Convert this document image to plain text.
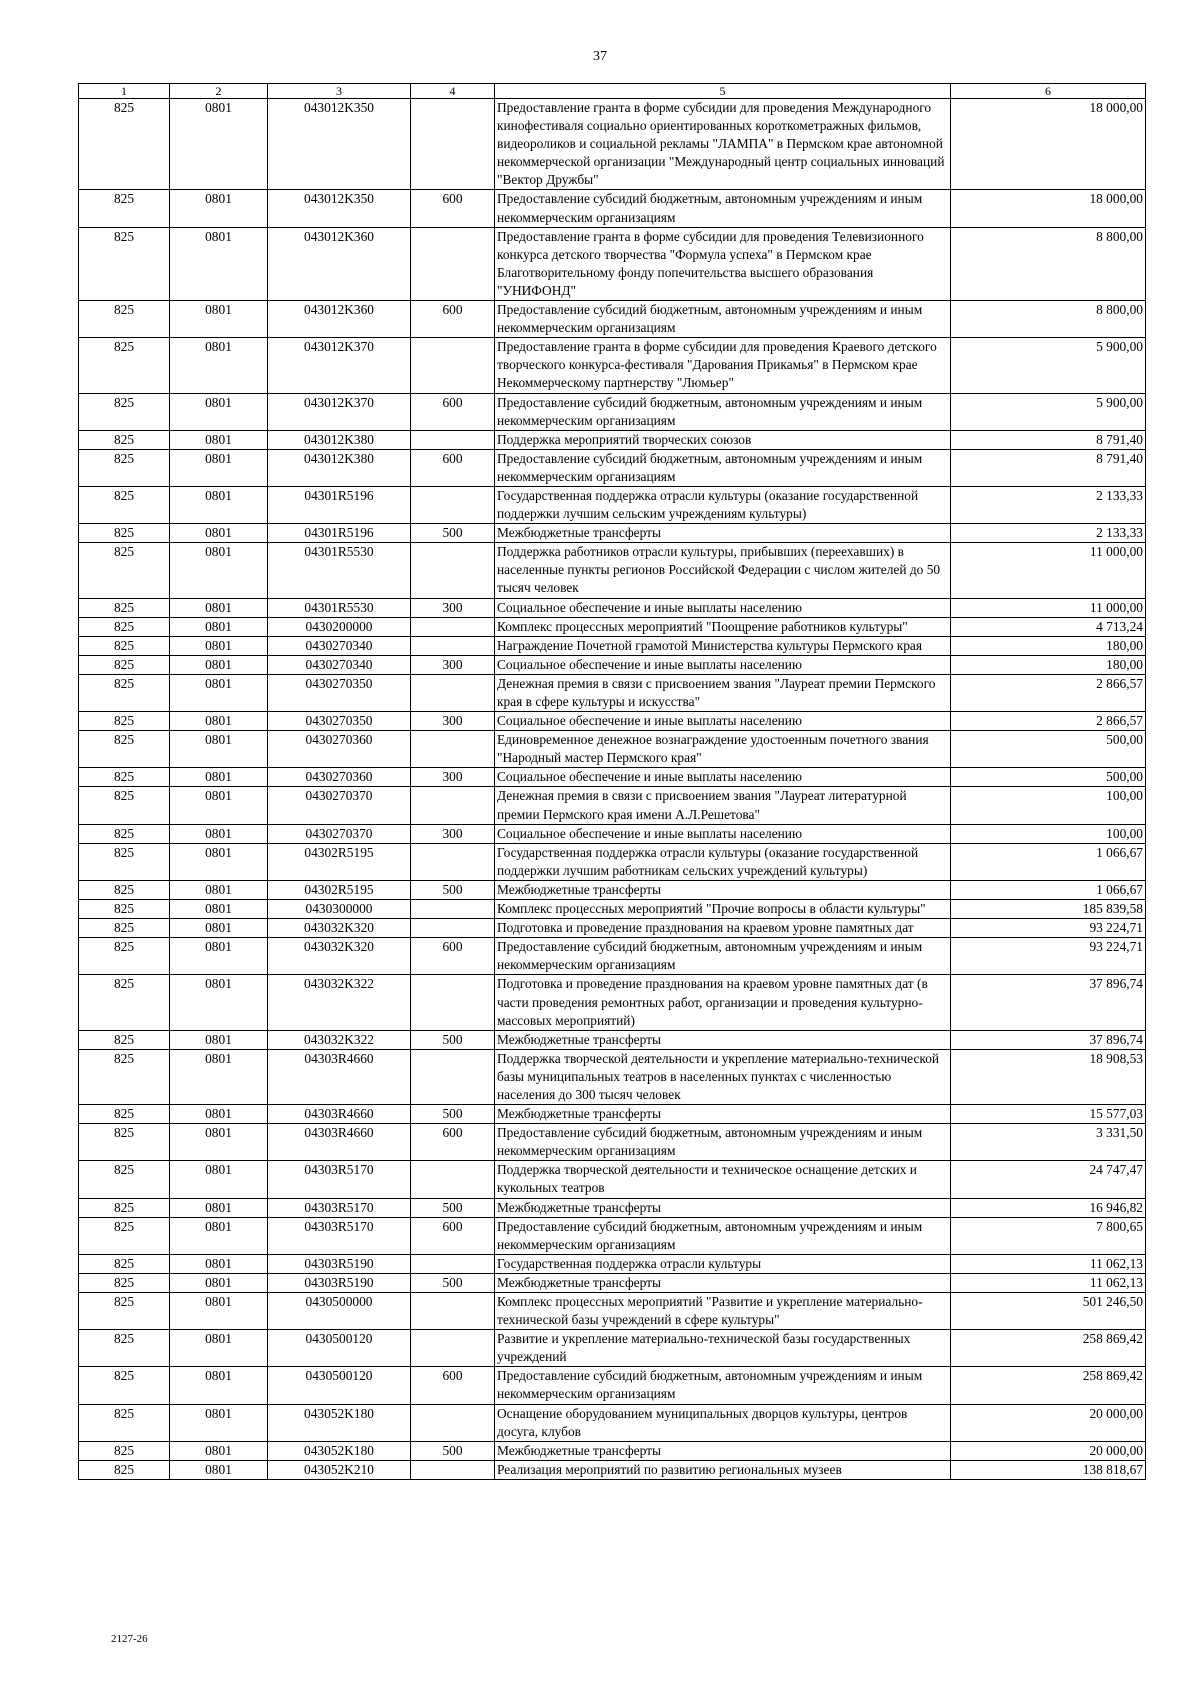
37
1	2	3	4	5	6
825	0801	043012K350		Предоставление гранта в форме субсидии для проведения Международного кинофестиваля социально ориентированных короткометражных фильмов, видеороликов и социальной рекламы "ЛАМПА" в Пермском крае автономной некоммерческой организации "Международный центр социальных инноваций "Вектор Дружбы"	18 000,00
825	0801	043012K350	600	Предоставление субсидий бюджетным, автономным учреждениям и иным некоммерческим организациям	18 000,00
825	0801	043012K360		Предоставление гранта в форме субсидии для проведения Телевизионного конкурса детского творчества "Формула успеха" в Пермском крае Благотворительному фонду попечительства высшего образования "УНИФОНД"	8 800,00
825	0801	043012K360	600	Предоставление субсидий бюджетным, автономным учреждениям и иным некоммерческим организациям	8 800,00
825	0801	043012K370		Предоставление гранта в форме субсидии для проведения Краевого детского творческого конкурса-фестиваля "Дарования Прикамья" в Пермском крае Некоммерческому партнерству "Люмьер"	5 900,00
825	0801	043012K370	600	Предоставление субсидий бюджетным, автономным учреждениям и иным некоммерческим организациям	5 900,00
825	0801	043012K380		Поддержка мероприятий творческих союзов	8 791,40
825	0801	043012K380	600	Предоставление субсидий бюджетным, автономным учреждениям и иным некоммерческим организациям	8 791,40
825	0801	04301R5196		Государственная поддержка отрасли культуры (оказание государственной поддержки лучшим сельским учреждениям культуры)	2 133,33
825	0801	04301R5196	500	Межбюджетные трансферты	2 133,33
825	0801	04301R5530		Поддержка работников отрасли культуры, прибывших (переехавших) в населенные пункты регионов Российской Федерации с числом жителей до 50 тысяч человек	11 000,00
825	0801	04301R5530	300	Социальное обеспечение и иные выплаты населению	11 000,00
825	0801	0430200000		Комплекс процессных мероприятий "Поощрение работников культуры"	4 713,24
825	0801	0430270340		Награждение Почетной грамотой Министерства культуры Пермского края	180,00
825	0801	0430270340	300	Социальное обеспечение и иные выплаты населению	180,00
825	0801	0430270350		Денежная премия в связи с присвоением звания "Лауреат премии Пермского края в сфере культуры и искусства"	2 866,57
825	0801	0430270350	300	Социальное обеспечение и иные выплаты населению	2 866,57
825	0801	0430270360		Единовременное денежное вознаграждение удостоенным почетного звания "Народный мастер Пермского края"	500,00
825	0801	0430270360	300	Социальное обеспечение и иные выплаты населению	500,00
825	0801	0430270370		Денежная премия в связи с присвоением звания "Лауреат литературной премии Пермского края имени А.Л.Решетова"	100,00
825	0801	0430270370	300	Социальное обеспечение и иные выплаты населению	100,00
825	0801	04302R5195		Государственная поддержка отрасли культуры (оказание государственной поддержки лучшим работникам сельских учреждений культуры)	1 066,67
825	0801	04302R5195	500	Межбюджетные трансферты	1 066,67
825	0801	0430300000		Комплекс процессных мероприятий "Прочие вопросы в области культуры"	185 839,58
825	0801	043032K320		Подготовка и проведение празднования на краевом уровне памятных дат	93 224,71
825	0801	043032K320	600	Предоставление субсидий бюджетным, автономным учреждениям и иным некоммерческим организациям	93 224,71
825	0801	043032K322		Подготовка и проведение празднования на краевом уровне памятных дат (в части проведения ремонтных работ, организации и проведения культурно-массовых мероприятий)	37 896,74
825	0801	043032K322	500	Межбюджетные трансферты	37 896,74
825	0801	04303R4660		Поддержка творческой деятельности и укрепление материально-технической базы муниципальных театров в населенных пунктах с численностью населения до 300 тысяч человек	18 908,53
825	0801	04303R4660	500	Межбюджетные трансферты	15 577,03
825	0801	04303R4660	600	Предоставление субсидий бюджетным, автономным учреждениям и иным некоммерческим организациям	3 331,50
825	0801	04303R5170		Поддержка творческой деятельности и техническое оснащение детских и кукольных театров	24 747,47
825	0801	04303R5170	500	Межбюджетные трансферты	16 946,82
825	0801	04303R5170	600	Предоставление субсидий бюджетным, автономным учреждениям и иным некоммерческим организациям	7 800,65
825	0801	04303R5190		Государственная поддержка отрасли культуры	11 062,13
825	0801	04303R5190	500	Межбюджетные трансферты	11 062,13
825	0801	0430500000		Комплекс процессных мероприятий "Развитие и укрепление материально-технической базы учреждений в сфере культуры"	501 246,50
825	0801	0430500120		Развитие и укрепление материально-технической базы государственных учреждений	258 869,42
825	0801	0430500120	600	Предоставление субсидий бюджетным, автономным учреждениям и иным некоммерческим организациям	258 869,42
825	0801	043052K180		Оснащение оборудованием муниципальных дворцов культуры, центров досуга, клубов	20 000,00
825	0801	043052K180	500	Межбюджетные трансферты	20 000,00
825	0801	043052K210		Реализация мероприятий по развитию региональных музеев	138 818,67
2127-26
